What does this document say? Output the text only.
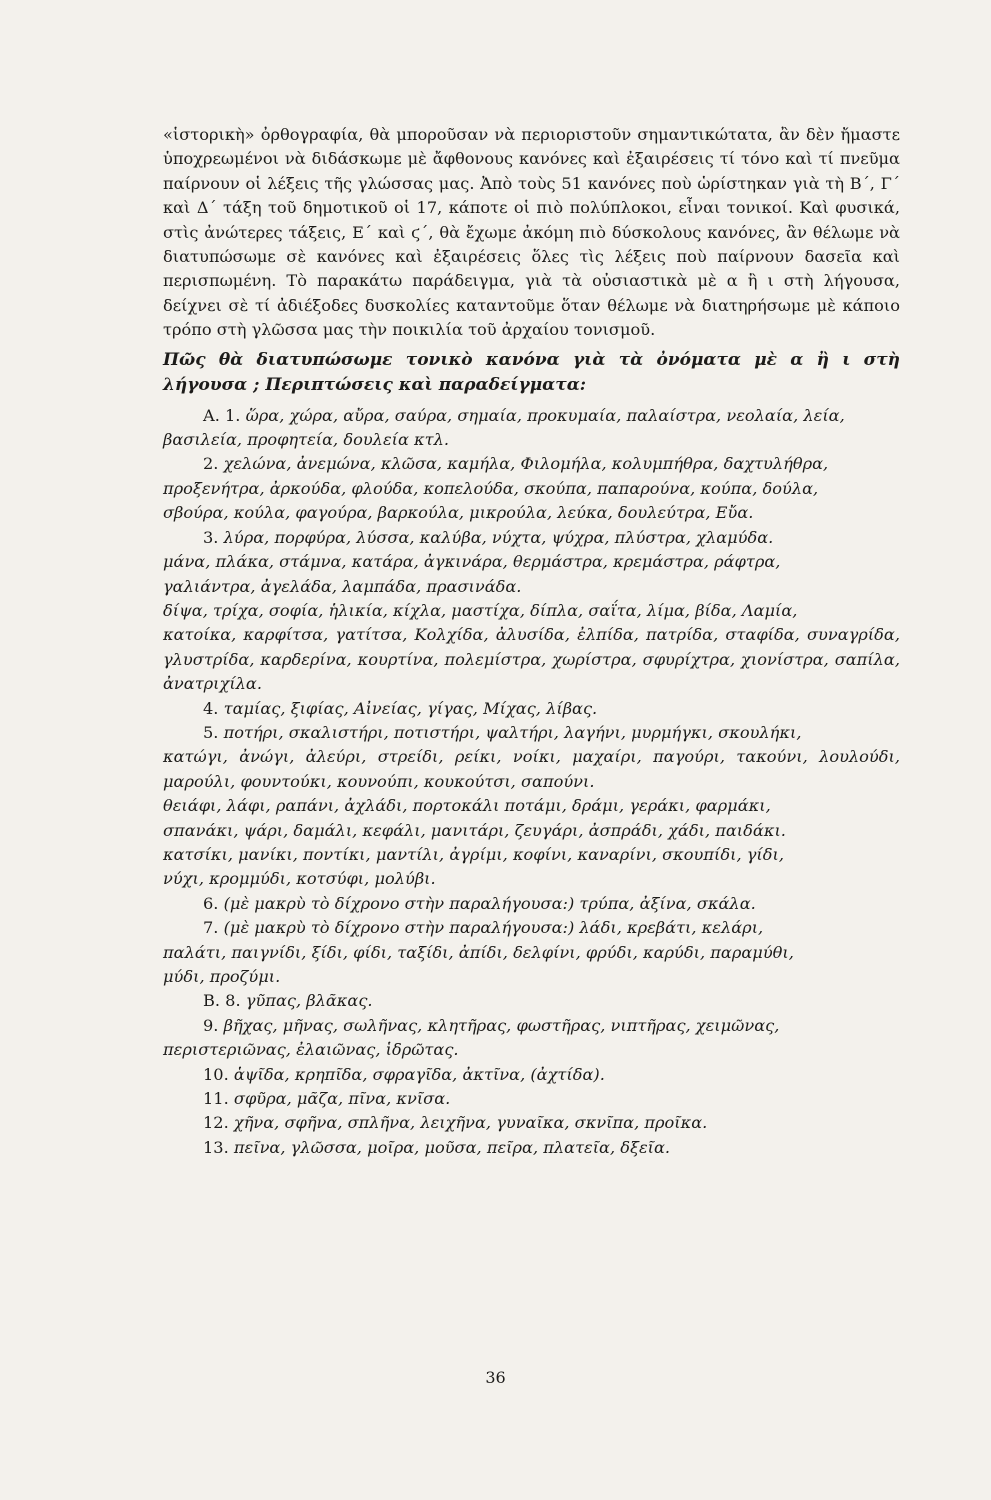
«ἱστορικὴ» ὀρθογραφία, θὰ μποροῦσαν νὰ περιοριστοῦν σημαντικώτατα, ἂν δὲν ἤμαστε ὑποχρεωμένοι νὰ διδάσκωμε μὲ ἄφθονους κανόνες καὶ ἐξαιρέσεις τί τόνο καὶ τί πνεῦμα παίρνουν οἱ λέξεις τῆς γλώσσας μας. Ἀπὸ τοὺς 51 κανόνες ποὺ ὡρίστηκαν γιὰ τὴ Β΄, Γ΄ καὶ Δ΄ τάξη τοῦ δημοτικοῦ οἱ 17, κάποτε οἱ πιὸ πολύπλοκοι, εἶναι τονικοί. Καὶ φυσικά, στὶς ἀνώτερες τάξεις, Ε΄ καὶ ϛ΄, θὰ ἔχωμε ἀκόμη πιὸ δύσκολους κανόνες, ἂν θέλωμε νὰ διατυπώσωμε σὲ κανόνες καὶ ἐξαιρέσεις ὅλες τὶς λέξεις ποὺ παίρνουν δασεῖα καὶ περισπωμένη. Τὸ παρακάτω παράδειγμα, γιὰ τὰ οὐσιαστικὰ μὲ α ἢ ι στὴ λήγουσα, δείχνει σὲ τί ἀδιέξοδες δυσκολίες καταντοῦμε ὅταν θέλωμε νὰ διατηρήσωμε μὲ κάποιο τρόπο στὴ γλῶσσα μας τὴν ποικιλία τοῦ ἀρχαίου τονισμοῦ.

Πῶς θὰ διατυπώσωμε τονικὸ κανόνα γιὰ τὰ ὀνόματα μὲ α ἢ ι στὴ λήγουσα ; Περιπτώσεις καὶ παραδείγματα:

Α. 1. ὥρα, χώρα, αὔρα, σαύρα, σημαία, προκυμαία, παλαίστρα, νεολαία, λεία,
βασιλεία, προφητεία, δουλεία κτλ.
2. χελώνα, ἀνεμώνα, κλῶσα, καμήλα, Φιλομήλα, κολυμπήθρα, δαχτυλήθρα,
προξενήτρα, ἀρκούδα, φλούδα, κοπελούδα, σκούπα, παπαρούνα, κούπα, δούλα,
σβούρα, κούλα, φαγούρα, βαρκούλα, μικρούλα, λεύκα, δουλεύτρα, Εὔα.
3. λύρα, πορφύρα, λύσσα, καλύβα, νύχτα, ψύχρα, πλύστρα, χλαμύδα.
μάνα, πλάκα, στάμνα, κατάρα, ἀγκινάρα, θερμάστρα, κρεμάστρα, ράφτρα,
γαλιάντρα, ἀγελάδα, λαμπάδα, πρασινάδα.
δίψα, τρίχα, σοφία, ἡλικία, κίχλα, μαστίχα, δίπλα, σαΐτα, λίμα, βίδα, Λαμία,
κατοίκα, καρφίτσα, γατίτσα, Κολχίδα, ἀλυσίδα, ἐλπίδα, πατρίδα, σταφίδα, συναγρίδα, γλυστρίδα, καρδερίνα, κουρτίνα, πολεμίστρα, χωρίστρα, σφυρίχτρα, χιονίστρα, σαπίλα, ἀνατριχίλα.
4. ταμίας, ξιφίας, Αἰνείας, γίγας, Μίχας, λίβας.
5. ποτήρι, σκαλιστήρι, ποτιστήρι, ψαλτήρι, λαγήνι, μυρμήγκι, σκουλήκι,
κατώγι, ἀνώγι, ἀλεύρι, στρείδι, ρείκι, νοίκι, μαχαίρι, παγούρι, τακούνι, λουλούδι, μαρούλι, φουντούκι, κουνούπι, κουκούτσι, σαπούνι.
θειάφι, λάφι, ραπάνι, ἀχλάδι, πορτοκάλι ποτάμι, δράμι, γεράκι, φαρμάκι,
σπανάκι, ψάρι, δαμάλι, κεφάλι, μανιτάρι, ζευγάρι, ἀσπράδι, χάδι, παιδάκι.
κατσίκι, μανίκι, ποντίκι, μαντίλι, ἀγρίμι, κοφίνι, καναρίνι, σκουπίδι, γίδι,
νύχι, κρομμύδι, κοτσύφι, μολύβι.
6. (μὲ μακρὺ τὸ δίχρονο στὴν παραλήγουσα:) τρύπα, ἀξίνα, σκάλα.
7. (μὲ μακρὺ τὸ δίχρονο στὴν παραλήγουσα:) λάδι, κρεβάτι, κελάρι,
παλάτι, παιγνίδι, ξίδι, φίδι, ταξίδι, ἀπίδι, δελφίνι, φρύδι, καρύδι, παραμύθι,
μύδι, προζύμι.
Β. 8. γῦπας, βλᾶκας.
9. βῆχας, μῆνας, σωλῆνας, κλητῆρας, φωστῆρας, νιπτῆρας, χειμῶνας,
περιστεριῶνας, ἐλαιῶνας, ἱδρῶτας.
10. ἁψῖδα, κρηπῖδα, σφραγῖδα, ἀκτῖνα, (ἀχτίδα).
11. σφῦρα, μᾶζα, πῖνα, κνῖσα.
12. χῆνα, σφῆνα, σπλῆνα, λειχῆνα, γυναῖκα, σκνῖπα, προῖκα.
13. πεῖνα, γλῶσσα, μοῖρα, μοῦσα, πεῖρα, πλατεῖα, δξεῖα.
36
